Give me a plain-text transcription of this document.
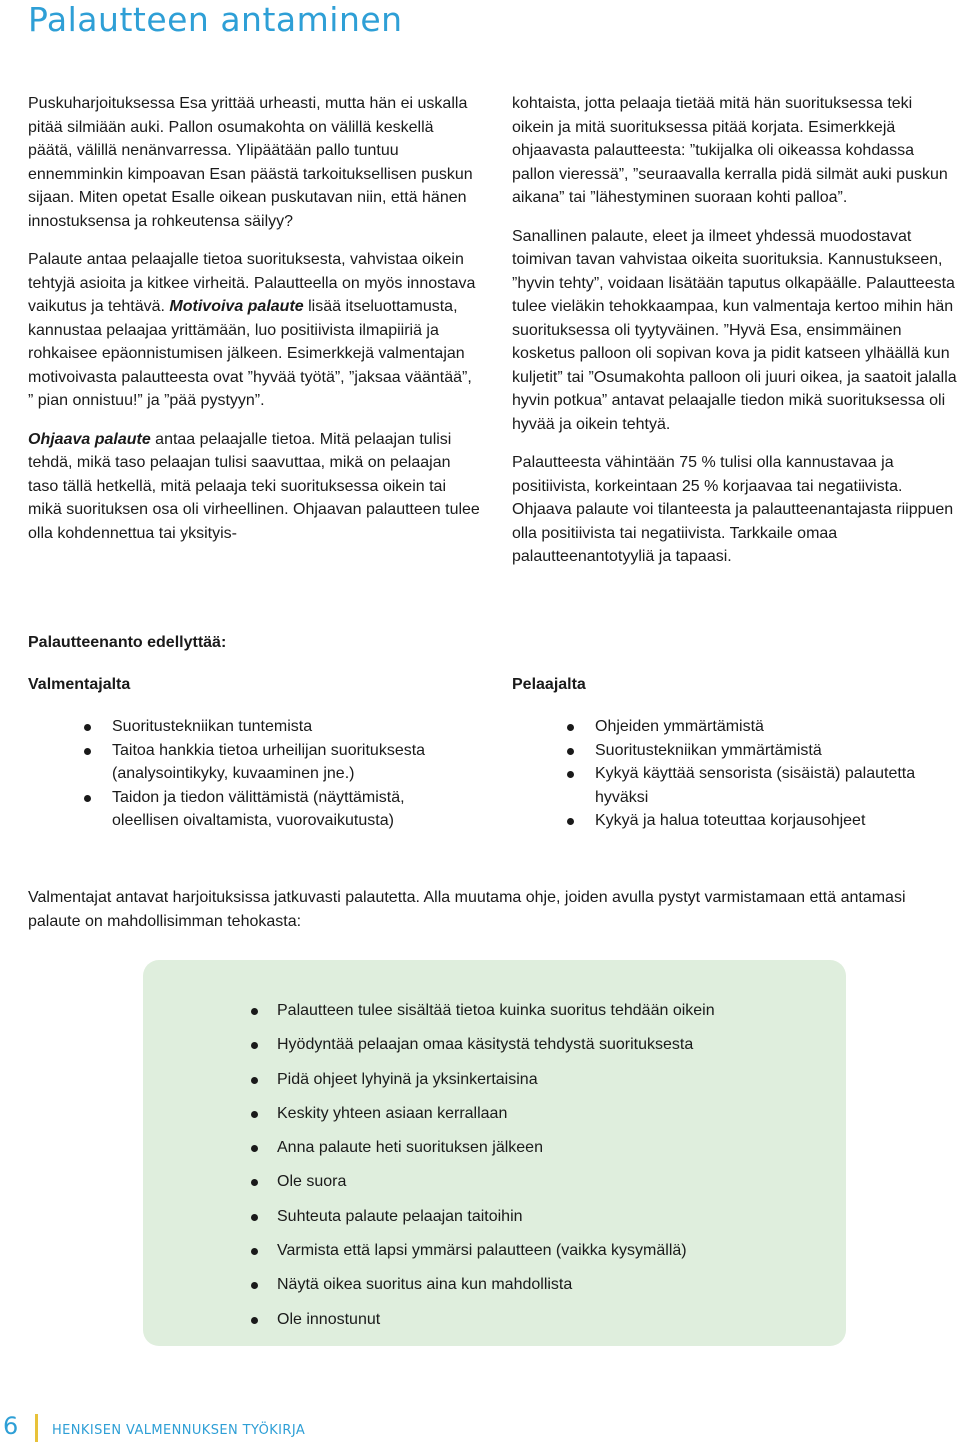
Palautteen antaminen

Puskuharjoituksessa Esa yrittää urheasti, mutta hän ei uskalla pitää silmiään auki. Pallon osumakohta on välillä keskellä päätä, välillä nenänvarressa. Ylipäätään pallo tuntuu ennemminkin kimpoavan Esan päästä tarkoituksellisen puskun sijaan. Miten opetat Esalle oikean puskutavan niin, että hänen innostuksensa ja rohkeutensa säilyy?

Palaute antaa pelaajalle tietoa suorituksesta, vahvistaa oikein tehtyjä asioita ja kitkee virheitä. Palautteella on myös innostava vaikutus ja tehtävä. Motivoiva palaute lisää itseluottamusta, kannustaa pelaajaa yrittämään, luo positiivista ilmapiiriä ja rohkaisee epäonnistumisen jälkeen. Esimerkkejä valmentajan motivoivasta palautteesta ovat ”hyvää työtä”, ”jaksaa vääntää”, ” pian onnistuu!” ja ”pää pystyyn”.

Ohjaava palaute antaa pelaajalle tietoa. Mitä pelaajan tulisi tehdä, mikä taso pelaajan tulisi saavuttaa, mikä on pelaajan taso tällä hetkellä, mitä pelaaja teki suorituksessa oikein tai mikä suorituksen osa oli virheellinen. Ohjaavan palautteen tulee olla kohdennettua tai yksityis-

kohtaista, jotta pelaaja tietää mitä hän suorituksessa teki oikein ja mitä suorituksessa pitää korjata. Esimerkkejä ohjaavasta palautteesta: ”tukijalka oli oikeassa kohdassa pallon vieressä”, ”seuraavalla kerralla pidä silmät auki puskun aikana” tai ”lähestyminen suoraan kohti palloa”.

Sanallinen palaute, eleet ja ilmeet yhdessä muodostavat toimivan tavan vahvistaa oikeita suorituksia. Kannustukseen, ”hyvin tehty”, voidaan lisätään taputus olkapäälle. Palautteesta tulee vieläkin tehokkaampaa, kun valmentaja kertoo mihin hän suorituksessa oli tyytyväinen. ”Hyvä Esa, ensimmäinen kosketus palloon oli sopivan kova ja pidit katseen ylhäällä kun kuljetit” tai ”Osumakohta palloon oli juuri oikea, ja saatoit jalalla hyvin potkua” antavat pelaajalle tiedon mikä suorituksessa oli hyvää ja oikein tehtyä.

Palautteesta vähintään 75 % tulisi olla kannustavaa ja positiivista, korkeintaan 25 % korjaavaa tai negatiivista. Ohjaava palaute voi tilanteesta ja palautteenantajasta riippuen olla positiivista tai negatiivista. Tarkkaile omaa palautteenantotyyliä ja tapaasi.

Palautteenanto edellyttää:
Valmentajalta
Suoritustekniikan tuntemista
Taitoa hankkia tietoa urheilijan suorituksesta (analysointikyky, kuvaaminen jne.)
Taidon ja tiedon välittämistä (näyttämistä, oleellisen oivaltamista, vuorovaikutusta)
Pelaajalta
Ohjeiden ymmärtämistä
Suoritustekniikan ymmärtämistä
Kykyä käyttää sensorista (sisäistä) palautetta hyväksi
Kykyä ja halua toteuttaa korjausohjeet

Valmentajat antavat harjoituksissa jatkuvasti palautetta. Alla muutama ohje, joiden avulla pystyt varmistamaan että antamasi palaute on mahdollisimman tehokasta:

Palautteen tulee sisältää tietoa kuinka suoritus tehdään oikein
Hyödyntää pelaajan omaa käsitystä tehdystä suorituksesta
Pidä ohjeet lyhyinä ja yksinkertaisina
Keskity yhteen asiaan kerrallaan
Anna palaute heti suorituksen jälkeen
Ole suora
Suhteuta palaute pelaajan taitoihin
Varmista että lapsi ymmärsi palautteen (vaikka kysymällä)
Näytä oikea suoritus aina kun mahdollista
Ole innostunut

6	HENKISEN VALMENNUKSEN TYÖKIRJA
